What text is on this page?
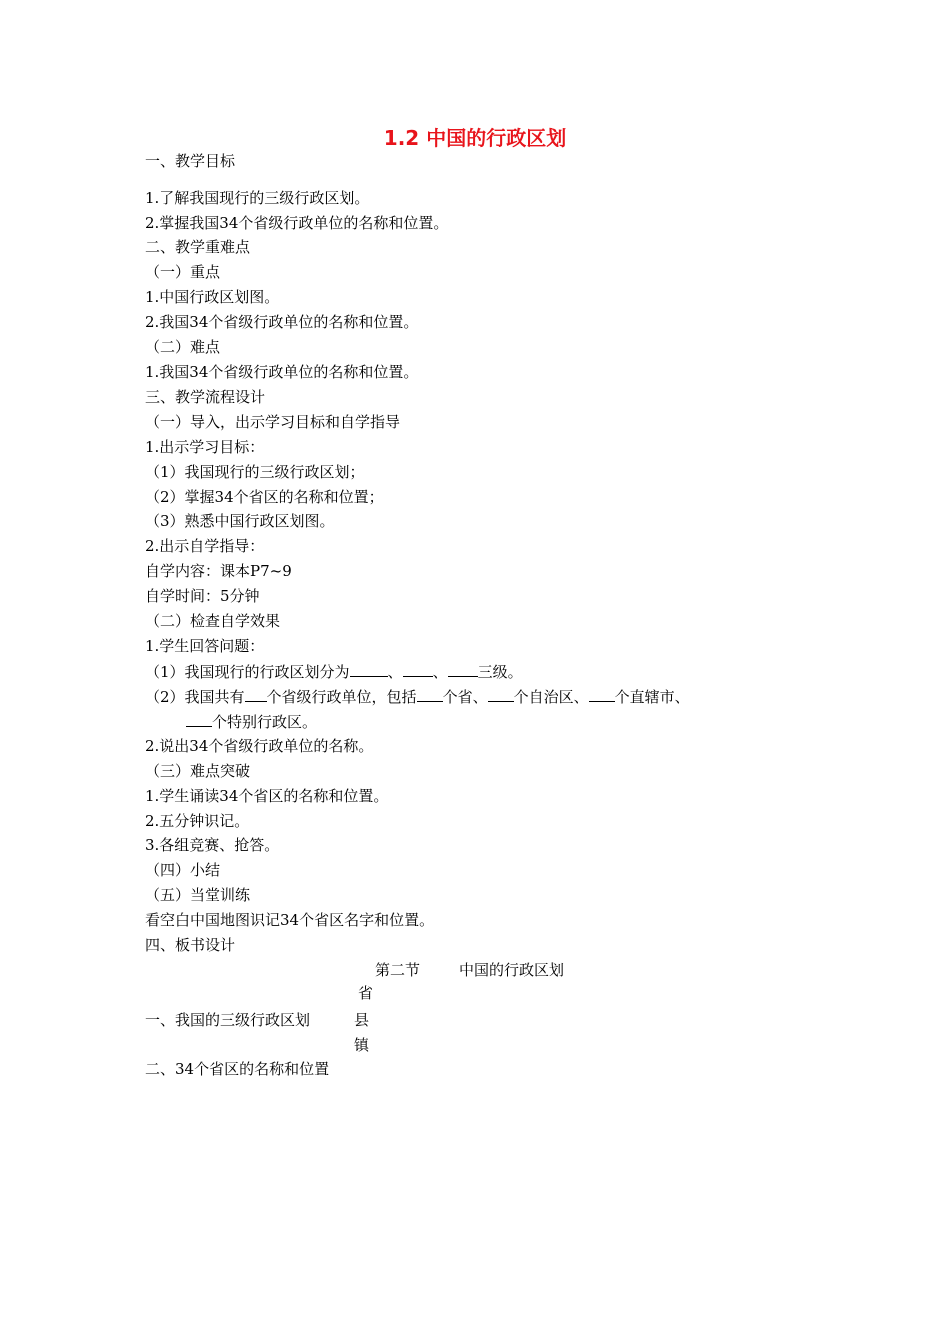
1.2 中国的行政区划
一、教学目标
1.了解我国现行的三级行政区划。
2.掌握我国34个省级行政单位的名称和位置。
二、教学重难点
（一）重点
1.中国行政区划图。
2.我国34个省级行政单位的名称和位置。
（二）难点
1.我国34个省级行政单位的名称和位置。
三、教学流程设计
（一）导入，出示学习目标和自学指导
1.出示学习目标：
（1）我国现行的三级行政区划；
（2）掌握34个省区的名称和位置；
（3）熟悉中国行政区划图。
2.出示自学指导：
自学内容：课本P7~9
自学时间：5分钟
（二）检查自学效果
1.学生回答问题：
（1）我国现行的行政区划分为	、 、 三级。
（2）我国共有 个省级行政单位，包括 个省、 个自治区、 个直辖市、
个特别行政区。
2.说出34个省级行政单位的名称。
（三）难点突破
1.学生诵读34个省区的名称和位置。
2.五分钟识记。
3.各组竞赛、抢答。
（四）小结
（五）当堂训练
看空白中国地图识记34个省区名字和位置。
四、板书设计
第二节	中国的行政区划
省
一、我国的三级行政区划	县
镇
二、34个省区的名称和位置
